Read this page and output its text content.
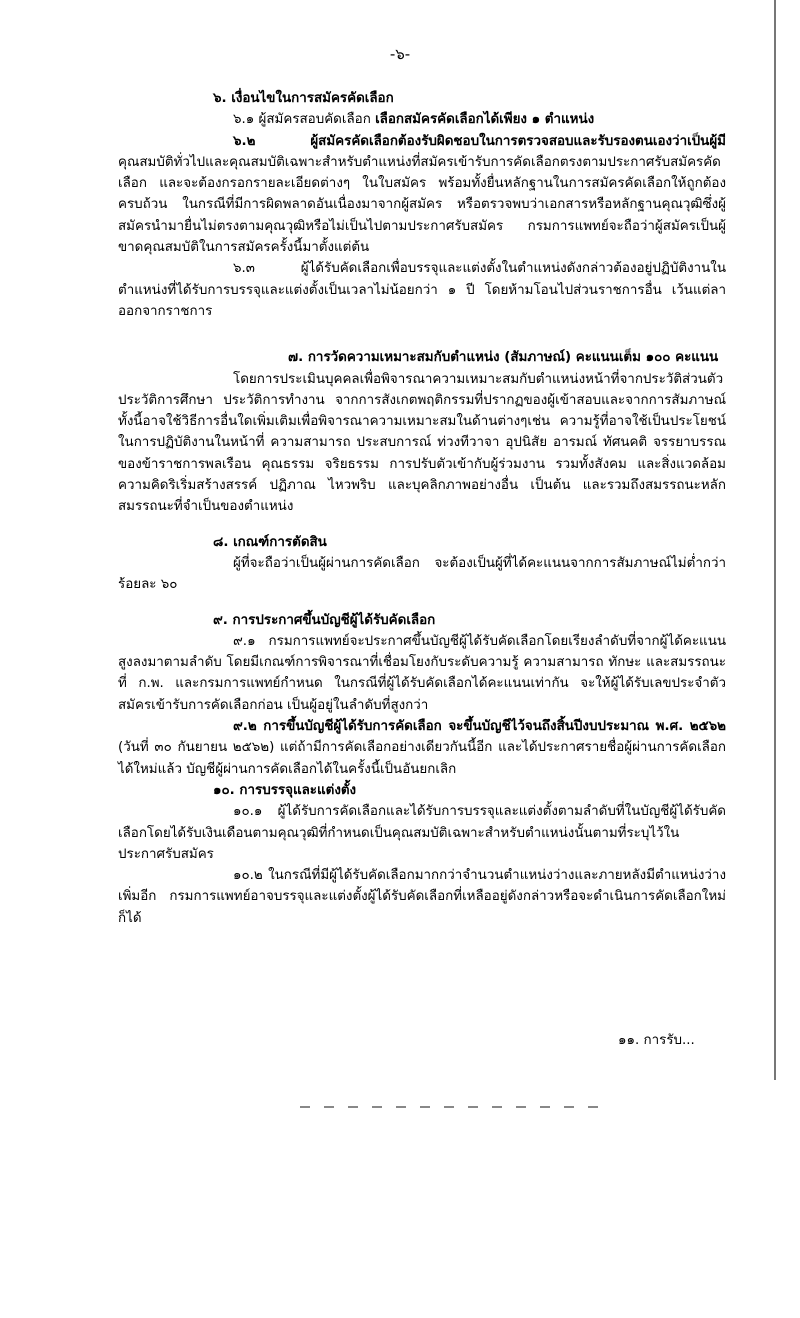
-๖-

๖. เงื่อนไขในการสมัครคัดเลือก

๖.๑ ผู้สมัครสอบคัดเลือก เลือกสมัครคัดเลือกได้เพียง ๑ ตำแหน่ง

๖.๒ ผู้สมัครคัดเลือกต้องรับผิดชอบในการตรวจสอบและรับรองตนเองว่าเป็นผู้มี คุณสมบัติทั่วไปและคุณสมบัติเฉพาะสำหรับตำแหน่งที่สมัครเข้ารับการคัดเลือกตรงตามประกาศรับสมัครคัดเลือก และจะต้องกรอกรายละเอียดต่างๆ ในใบสมัคร พร้อมทั้งยื่นหลักฐานในการสมัครคัดเลือกให้ถูกต้องครบถ้วน ในกรณีที่มีการผิดพลาดอันเนื่องมาจากผู้สมัคร หรือตรวจพบว่าเอกสารหรือหลักฐานคุณวุฒิซึ่งผู้สมัครนำมายื่นไม่ตรงตามคุณวุฒิหรือไม่เป็นไปตามประกาศรับสมัคร กรมการแพทย์จะถือว่าผู้สมัครเป็นผู้ขาดคุณสมบัติในการสมัครครั้งนี้มาตั้งแต่ต้น

๖.๓ ผู้ได้รับคัดเลือกเพื่อบรรจุและแต่งตั้งในตำแหน่งดังกล่าวต้องอยู่ปฏิบัติงานในตำแหน่งที่ได้รับการบรรจุและแต่งตั้งเป็นเวลาไม่น้อยกว่า ๑ ปี โดยห้ามโอนไปส่วนราชการอื่น เว้นแต่ลาออกจากราชการ

๗. การวัดความเหมาะสมกับตำแหน่ง (สัมภาษณ์) คะแนนเต็ม ๑๐๐ คะแนน

โดยการประเมินบุคคลเพื่อพิจารณาความเหมาะสมกับตำแหน่งหน้าที่จากประวัติส่วนตัว ประวัติการศึกษา ประวัติการทำงาน จากการสังเกตพฤติกรรมที่ปรากฏของผู้เข้าสอบและจากการสัมภาษณ์ ทั้งนี้อาจใช้วิธีการอื่นใดเพิ่มเติมเพื่อพิจารณาความเหมาะสมในด้านต่างๆเช่น ความรู้ที่อาจใช้เป็นประโยชน์ในการปฏิบัติงานในหน้าที่ ความสามารถ ประสบการณ์ ท่วงทีวาจา อุปนิสัย อารมณ์ ทัศนคติ จรรยาบรรณของข้าราชการพลเรือน คุณธรรม จริยธรรม การปรับตัวเข้ากับผู้ร่วมงาน รวมทั้งสังคม และสิ่งแวดล้อม ความคิดริเริ่มสร้างสรรค์ ปฏิภาณ ไหวพริบ และบุคลิกภาพอย่างอื่น เป็นต้น และรวมถึงสมรรถนะหลักสมรรถนะที่จำเป็นของตำแหน่ง

๘. เกณฑ์การตัดสิน

ผู้ที่จะถือว่าเป็นผู้ผ่านการคัดเลือก จะต้องเป็นผู้ที่ได้คะแนนจากการสัมภาษณ์ไม่ต่ำกว่าร้อยละ ๖๐

๙. การประกาศขึ้นบัญชีผู้ได้รับคัดเลือก

๙.๑ กรมการแพทย์จะประกาศขึ้นบัญชีผู้ได้รับคัดเลือกโดยเรียงลำดับที่จากผู้ได้คะแนนสูงลงมาตามลำดับ โดยมีเกณฑ์การพิจารณาที่เชื่อมโยงกับระดับความรู้ ความสามารถ ทักษะ และสมรรถนะที่ ก.พ. และกรมการแพทย์กำหนด ในกรณีที่ผู้ได้รับคัดเลือกได้คะแนนเท่ากัน จะให้ผู้ได้รับเลขประจำตัวสมัครเข้ารับการคัดเลือกก่อน เป็นผู้อยู่ในลำดับที่สูงกว่า

๙.๒ การขึ้นบัญชีผู้ได้รับการคัดเลือก จะขึ้นบัญชีไว้จนถึงสิ้นปีงบประมาณ พ.ศ. ๒๕๖๒ (วันที่ ๓๐ กันยายน ๒๕๖๒) แต่ถ้ามีการคัดเลือกอย่างเดียวกันนี้อีก และได้ประกาศรายชื่อผู้ผ่านการคัดเลือกได้ใหม่แล้ว บัญชีผู้ผ่านการคัดเลือกได้ในครั้งนี้เป็นอันยกเลิก

๑๐. การบรรจุและแต่งตั้ง

๑๐.๑ ผู้ได้รับการคัดเลือกและได้รับการบรรจุและแต่งตั้งตามลำดับที่ในบัญชีผู้ได้รับคัดเลือกโดยได้รับเงินเดือนตามคุณวุฒิที่กำหนดเป็นคุณสมบัติเฉพาะสำหรับตำแหน่งนั้นตามที่ระบุไว้ในประกาศรับสมัคร

๑๐.๒ ในกรณีที่มีผู้ได้รับคัดเลือกมากกว่าจำนวนตำแหน่งว่างและภายหลังมีตำแหน่งว่างเพิ่มอีก กรมการแพทย์อาจบรรจุและแต่งตั้งผู้ได้รับคัดเลือกที่เหลืออยู่ดังกล่าวหรือจะดำเนินการคัดเลือกใหม่ก็ได้

๑๑. การรับ...
